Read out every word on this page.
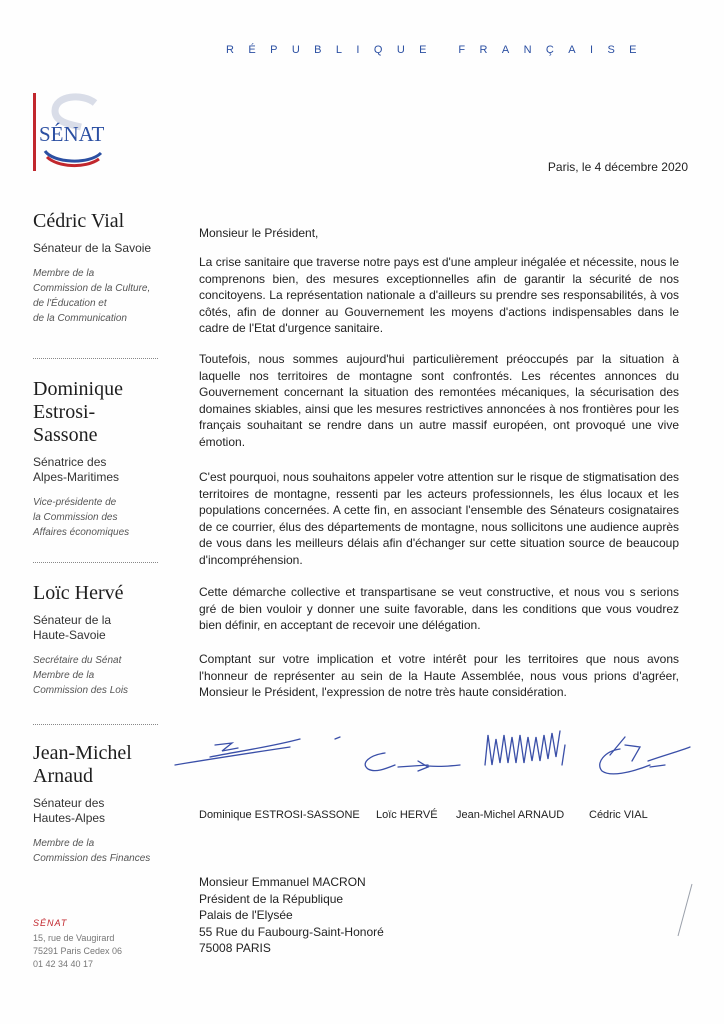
RÉPUBLIQUE FRANÇAISE
SÉNAT
Paris, le 4 décembre 2020
Cédric Vial
Sénateur de la Savoie
Membre de la
Commission de la Culture,
de l'Éducation et
de la Communication
Dominique Estrosi-Sassone
Sénatrice des Alpes-Maritimes
Vice-présidente de
la Commission des
Affaires économiques
Loïc Hervé
Sénateur de la Haute-Savoie
Secrétaire du Sénat
Membre de la
Commission des Lois
Jean-Michel Arnaud
Sénateur des Hautes-Alpes
Membre de la
Commission des Finances
SÉNAT
15, rue de Vaugirard
75291 Paris Cedex 06
01 42 34 40 17
Monsieur le Président,
La crise sanitaire que traverse notre pays est d'une ampleur inégalée et nécessite, nous le comprenons bien, des mesures exceptionnelles afin de garantir la sécurité de nos concitoyens. La représentation nationale a d'ailleurs su prendre ses responsabilités, à vos côtés, afin de donner au Gouvernement les moyens d'actions indispensables dans le cadre de l'Etat d'urgence sanitaire.
Toutefois, nous sommes aujourd'hui particulièrement préoccupés par la situation à laquelle nos territoires de montagne sont confrontés. Les récentes annonces du Gouvernement concernant la situation des remontées mécaniques, la sécurisation des domaines skiables, ainsi que les mesures restrictives annoncées à nos frontières pour les français souhaitant se rendre dans un autre massif européen, ont provoqué une vive émotion.
C'est pourquoi, nous souhaitons appeler votre attention sur le risque de stigmatisation des territoires de montagne, ressenti par les acteurs professionnels, les élus locaux et les populations concernées. A cette fin, en associant l'ensemble des Sénateurs cosignataires de ce courrier, élus des départements de montagne, nous sollicitons une audience auprès de vous dans les meilleurs délais afin d'échanger sur cette situation source de beaucoup d'incompréhension.
Cette démarche collective et transpartisane se veut constructive, et nous vou s serions gré de bien vouloir y donner une suite favorable, dans les conditions que vous voudrez bien définir, en acceptant de recevoir une délégation.
Comptant sur votre implication et votre intérêt pour les territoires que nous avons l'honneur de représenter au sein de la Haute Assemblée, nous vous prions d'agréer, Monsieur le Président, l'expression de notre très haute considération.
Dominique ESTROSI-SASSONE Loïc HERVÉ Jean-Michel ARNAUD Cédric VIAL
Monsieur Emmanuel MACRON
Président de la République
Palais de l'Elysée
55 Rue du Faubourg-Saint-Honoré
75008 PARIS
